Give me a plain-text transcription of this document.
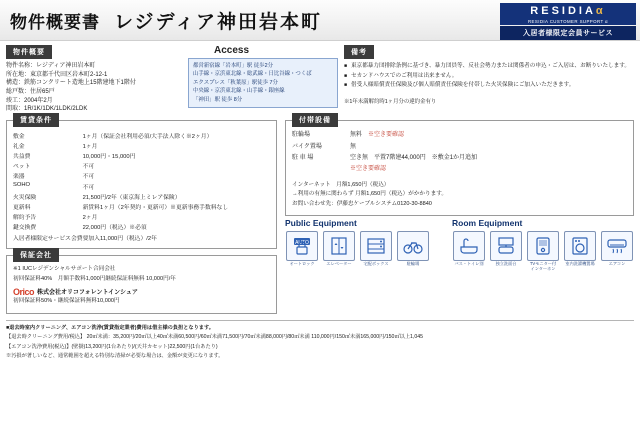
物件概要書 レジディア神田岩本町
RESIDIAα
RESIDIA CUSTOMER SUPPORT α
入居者様限定会員サービス
物件概要
物件名称：レジディア神田岩本町
所在地：東京都千代田区岩本町2-12-1
構造：鉄筋コンクリート造地上15階建地下1階付
総戸数：住居65戸
竣工：2004年2月
間取：1R/1K/1DK/1LDK/2LDK
Access
都営新宿線「岩本町」駅 徒歩2分
山手線・京浜東北線・総武線・日比谷線・つくば
エクスプレス「秋葉原」駅徒歩 7分
中央線・京浜東北線・山手線・銀座線
「神田」駅 徒歩 8分
備考
■ 東京都暴力団排除条例に基づき、暴力団員等、反社会勢力または関係者の申込・ご入居は、お断りいたします。
■ セカンドハウスでのご利用は出来ません。
■ 借受人様賠償責任保険及び個人賠償責任保険を付帯した火災保険にご加入いただきます。
※1年未満解約時1ヶ月分の違約金有り
賃貸条件
敷金	1ヶ月（保証会社利用必須/大手法人除く※2ヶ月）
礼金	1ヶ月
共益費	10,000円・15,000円
ペット	不可
楽器	不可
SOHO	不可
火災保険	21,500円/2年（東京海上ミレア保険）
更新料	新賃料1ヶ月（2年契約・更新可）※更新事務手数料なし
解約予告	2ヶ月
鍵交換費	22,000円（税込）※必須
入居者様限定サービス会費	要加入11,000円（税込）/2年
保証会社
※1 IUCレジデンシャルサポート合同会社
初回保証料40%　月額手数料1,000円継続保証料無料 10,000円/年
Orico 株式会社オリコフォレントインシュア
初回保証料50%・継続保証料無料10,000円
付帯設備
駐輪場	無料 ※空き要確認
バイク置場	無
駐 車 場	空き無　平置7階建44,000円　※敷金1か月追加
※空き要確認
インターネット　月額1,650円（税込）
→利用の有無に関わらず 月額1,650円（税込）がかかります。
お問い合わせ先：伊藤忠ケーブルシステム0120-30-8840
Public Equipment
AUTO
オートロック	エレベーター	宅配ボックス	駐輪場
Room Equipment
バス・トイレ別	独立洗面台	TVモニター付
インターホン
室内洗濯機置場	エアコン

■退去時室内クリーニング、エアコン洗浄(賃貸指定業者)費用は借主様の負担となります。

【退去時クリーニング費用/税込】 20㎡未満：35,200円/20㎡以上40㎡未満60,500円/60㎡未満71,500円/70㎡未満88,000円/80㎡未満 110,000円/150㎡未満165,000円/150㎡以上1,045

【エアコン洗浄費用(税込)】(壁掛)13,200円(1台あたり)/(天井カセット)22,500円(1台あたり)

※汚損が著しいなど、通常範囲を超える特別な清掃が必要な場合は、金額が変更になります。
